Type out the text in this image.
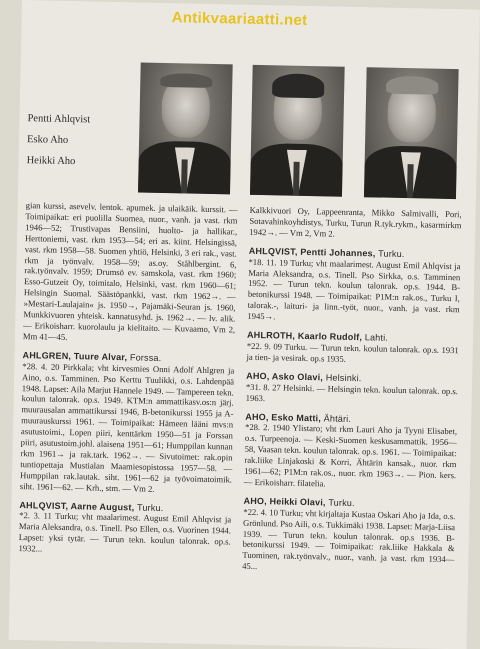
Antikvaariaatti.net
Pentti Ahlqvist
Esko Aho
Heikki Aho
gian kurssi, asevelv. lentok. apumek. ja ulaikäik. kurssit. — Toimipaikat: eri puolilla Suomea, nuor., vanh. ja vast. rkm 1946—52; Trustivapas Bensiini, huolto- ja hallikar., Herttoniemi, vast. rkm 1953—54; eri as. kiint. Helsingissä, vast. rkm 1958—58. Suomen yhtiö, Helsinki, 3 eri rak., vast. rkm ja työnvalv. 1958—59; as.oy. Ståhlbergint. 6, rak.työnvalv. 1959; Drumsö ev. samskola, vast. rkm 1960; Esso-Gutzeit Oy, toimitalo, Helsinki, vast. rkm 1960—61; Helsingin Suomal. Säästöpankki, vast. rkm 1962→. — »Mestari-Laulajain« js. 1950→, Pajamäki-Seuran js. 1960, Munkkivuoren yhteisk. kannatusyhd. js. 1962→. — lv. alik. — Erikoisharr. kuorolaulu ja kielitaito. — Kuvaamo, Vm 2, Mm 41—45.
AHLGREN, Tuure Alvar, Forssa.
*28. 4. 20 Pirkkala; vht kirvesmies Onni Adolf Ahlgren ja Aino, o.s. Tamminen. Pso Kerttu Tuulikki, o.s. Lahdenpää 1948. Lapset: Aila Marjut Hannele 1949. — Tampereen tekn. koulun talonrak. op.s. 1949. KTM:n ammattikasv.os:n järj. muurausalan ammattikurssi 1946, B-betonikurssi 1955 ja A-muurauskurssi 1961. — Toimipaikat: Hämeen lääni mvs:n asutustoimi., Lopen piiri, kenttärkm 1950—51 ja Forssan piiri, asutustoim.johl. alaisena 1951—61; Humppilan kunnan rkm 1961→ ja rak.tark. 1962→. — Sivutoimet: rak.opin tuntiopettaja Mustialan Maamiesopistossa 1957—58. — Humppilan rak.lautak. siht. 1961—62 ja työvoimatoimik. siht. 1961—62. — Krh., stm. — Vm 2.
AHLQVIST, Aarne August, Turku.
*2. 3. 11 Turku; vht maalarimest. August Emil Ahlqvist ja Maria Aleksandra, o.s. Tinell. Pso Ellen, o.s. Vuorinen 1944. Lapset: yksi tytär. — Turun tekn. koulun talonrak. op.s. 1932...
Kalkkivuori Oy, Lappeenranta, Mikko Salmivalli, Pori, Sotavahinkoyhdistys, Turku, Turun R.tyk.rykm., kasarmirkm 1942→. — Vm 2, Vm 2.
AHLQVIST, Pentti Johannes, Turku.
*18. 11. 19 Turku; vht maalarimest. August Emil Ahlqvist ja Maria Aleksandra, o.s. Tinell. Pso Sirkka, o.s. Tamminen 1952. — Turun tekn. koulun talonrak. op.s. 1944. B-betonikurssi 1948. — Toimipaikat: P1M:n rak.os., Turku I, talorak.-, laituri- ja linn.-työt, nuor., vanh. ja vast. rkm 1945→.
AHLROTH, Kaarlo Rudolf, Lahti.
*22. 9. 09 Turku. — Turun tekn. koulun talonrak. op.s. 1931 ja tien- ja vesirak. op.s 1935.
AHO, Asko Olavi, Helsinki.
*31. 8. 27 Helsinki. — Helsingin tekn. koulun talonrak. op.s. 1963.
AHO, Esko Matti, Ähtäri.
*28. 2. 1940 Ylistaro; vht rkm Lauri Aho ja Tyyni Elisabet, o.s. Turpeenoja. — Keski-Suomen keskusammattik. 1956—58, Vaasan tekn. koulun talonrak. op.s. 1961. — Toimipaikat: rak.liike Linjakoski & Korri, Ähtärin kansak., nuor. rkm 1961—62; P1M:n rak.os., nuor. rkm 1963→. — Pion. kers. — Erikoisharr. filatelia.
AHO, Heikki Olavi, Turku.
*22. 4. 10 Turku; vht kirjaltaja Kustaa Oskari Aho ja Ida, o.s. Grönlund. Pso Aili, o.s. Tukkimäki 1938. Lapset: Marja-Liisa 1939. — Turun tekn. koulun talonrak. op.s 1936. B-betonikurssi 1949. — Toimipaikat: rak.liike Hakkala & Tuominen, rak.työnvalv., nuor., vanh. ja vast. rkm 1934—45...
